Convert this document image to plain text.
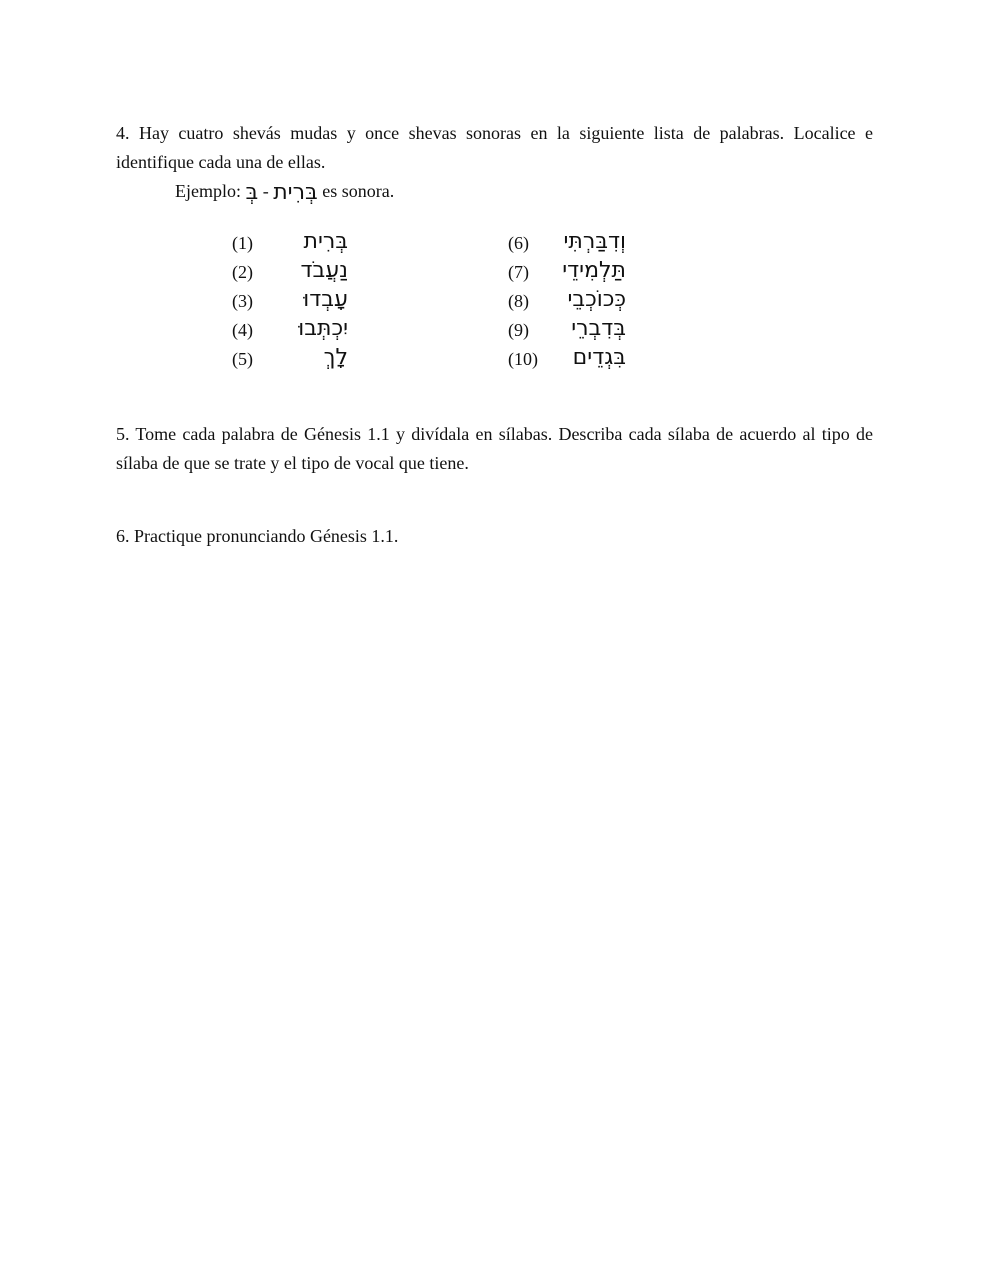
4. Hay cuatro shevás mudas y once shevas sonoras en la siguiente lista de palabras. Localice e identifique cada una de ellas.

Ejemplo: בְּ - בְּרִית es sonora.
(1) בְּרִית
(2) נַעֲבֹד
(3) עָבְדוּ
(4) יִכְתְּבוּ
(5)	לָךְ
(6) וְדִבַּרְתִּי
(7) תַּלְמִידֵי
(8) כְּכוֹכְבֵי
(9) בְּדִבְרֵי
(10) בִּגְדֵים

5. Tome cada palabra de Génesis 1.1 y divídala en sílabas. Describa cada sílaba de acuerdo al tipo de sílaba de que se trate y el tipo de vocal que tiene.

6. Practique pronunciando Génesis 1.1.
